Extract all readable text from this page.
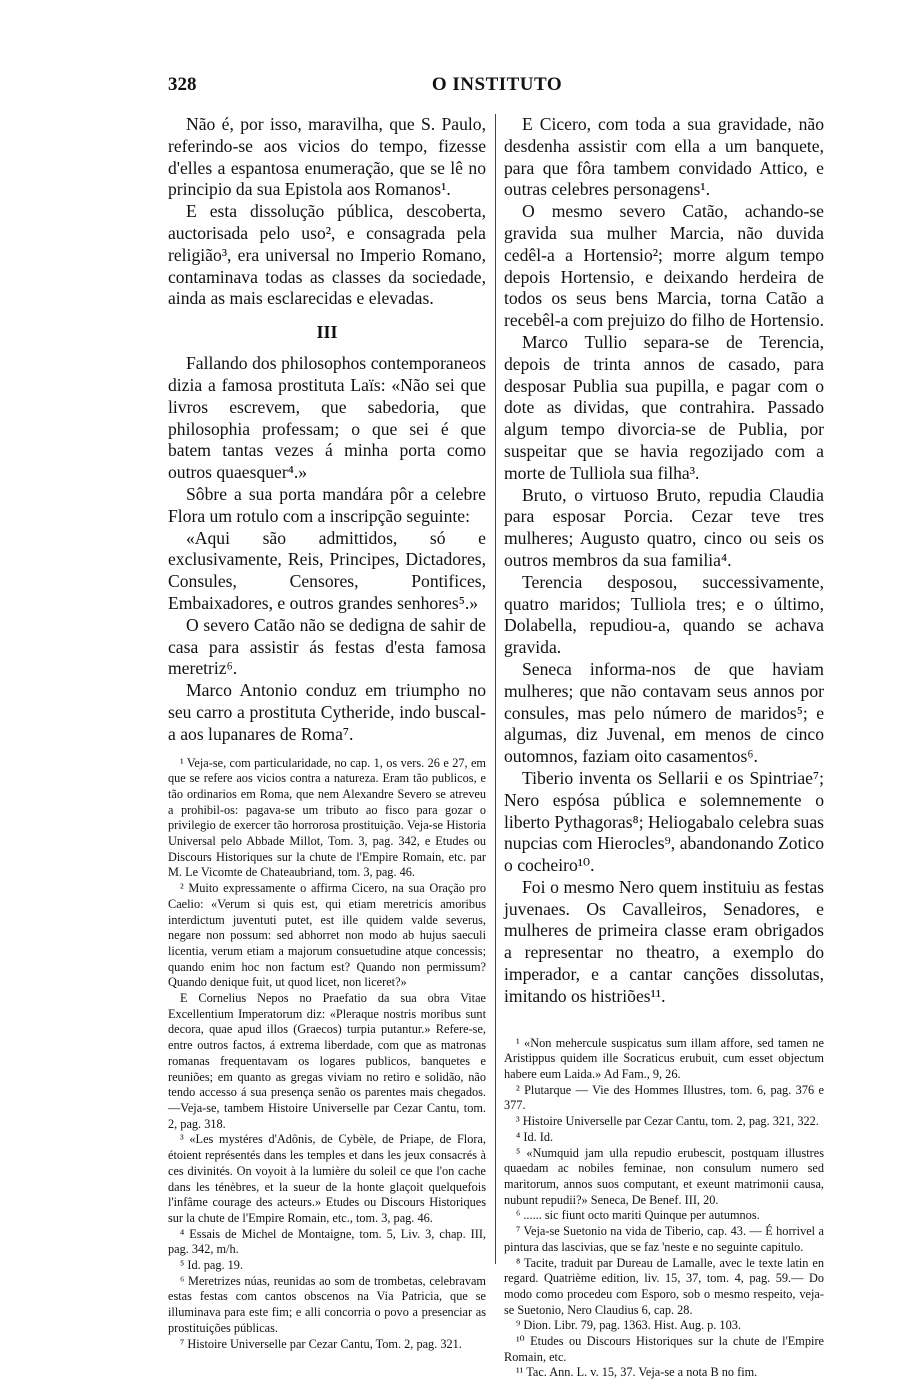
328	O INSTITUTO

Não é, por isso, maravilha, que S. Paulo, referindo-se aos vicios do tempo, fizesse d'elles a espantosa enumeração, que se lê no principio da sua Epistola aos Romanos¹.

E esta dissolução pública, descoberta, auctorisada pelo uso², e consagrada pela religião³, era universal no Imperio Romano, contaminava todas as classes da sociedade, ainda as mais esclarecidas e elevadas.

III

Fallando dos philosophos contemporaneos dizia a famosa prostituta Laïs: «Não sei que livros escrevem, que sabedoria, que philosophia professam; o que sei é que batem tantas vezes á minha porta como outros quaesquer⁴.»

Sôbre a sua porta mandára pôr a celebre Flora um rotulo com a inscripção seguinte:

«Aqui são admittidos, só e exclusivamente, Reis, Principes, Dictadores, Consules, Censores, Pontifices, Embaixadores, e outros grandes senhores⁵.»

O severo Catão não se dedigna de sahir de casa para assistir ás festas d'esta famosa meretriz⁶.

Marco Antonio conduz em triumpho no seu carro a prostituta Cytheride, indo buscal-a aos lupanares de Roma⁷.

¹ Veja-se, com particularidade, no cap. 1, os vers. 26 e 27, em que se refere aos vicios contra a natureza. Eram tão publicos, e tão ordinarios em Roma, que nem Alexandre Severo se atreveu a prohibil-os: pagava-se um tributo ao fisco para gozar o privilegio de exercer tão horrorosa prostituição. Veja-se Historia Universal pelo Abbade Millot, Tom. 3, pag. 342, e Etudes ou Discours Historiques sur la chute de l'Empire Romain, etc. par M. Le Vicomte de Chateaubriand, tom. 3, pag. 46.

² Muito expressamente o affirma Cicero, na sua Oração pro Caelio: «Verum si quis est, qui etiam meretricis amoribus interdictum juventuti putet, est ille quidem valde severus, negare non possum: sed abhorret non modo ab hujus saeculi licentia, verum etiam a majorum consuetudine atque concessis; quando enim hoc non factum est? Quando non permissum? Quando denique fuit, ut quod licet, non liceret?»

E Cornelius Nepos no Praefatio da sua obra Vitae Excellentium Imperatorum diz: «Pleraque nostris moribus sunt decora, quae apud illos (Graecos) turpia putantur.» Refere-se, entre outros factos, á extrema liberdade, com que as matronas romanas frequentavam os logares publicos, banquetes e reuniões; em quanto as gregas viviam no retiro e solidão, não tendo accesso á sua presença senão os parentes mais chegados.—Veja-se, tambem Histoire Universelle par Cezar Cantu, tom. 2, pag. 318.

³ «Les mystéres d'Adônis, de Cybèle, de Priape, de Flora, étoient représentés dans les temples et dans les jeux consacrés à ces divinités. On voyoit à la lumière du soleil ce que l'on cache dans les ténèbres, et la sueur de la honte glaçoit quelquefois l'infâme courage des acteurs.» Etudes ou Discours Historiques sur la chute de l'Empire Romain, etc., tom. 3, pag. 46.

⁴ Essais de Michel de Montaigne, tom. 5, Liv. 3, chap. III, pag. 342, m/h.

⁵ Id. pag. 19.

⁶ Meretrizes núas, reunidas ao som de trombetas, celebravam estas festas com cantos obscenos na Via Patricia, que se illuminava para este fim; e alli concorria o povo a presenciar as prostituições públicas.

⁷ Histoire Universelle par Cezar Cantu, Tom. 2, pag. 321.

E Cicero, com toda a sua gravidade, não desdenha assistir com ella a um banquete, para que fôra tambem convidado Attico, e outras celebres personagens¹.

O mesmo severo Catão, achando-se gravida sua mulher Marcia, não duvida cedêl-a a Hortensio²; morre algum tempo depois Hortensio, e deixando herdeira de todos os seus bens Marcia, torna Catão a recebêl-a com prejuizo do filho de Hortensio.

Marco Tullio separa-se de Terencia, depois de trinta annos de casado, para desposar Publia sua pupilla, e pagar com o dote as dividas, que contrahira. Passado algum tempo divorcia-se de Publia, por suspeitar que se havia regozijado com a morte de Tulliola sua filha³.

Bruto, o virtuoso Bruto, repudia Claudia para esposar Porcia. Cezar teve tres mulheres; Augusto quatro, cinco ou seis os outros membros da sua familia⁴.

Terencia desposou, successivamente, quatro maridos; Tulliola tres; e o último, Dolabella, repudiou-a, quando se achava gravida.

Seneca informa-nos de que haviam mulheres; que não contavam seus annos por consules, mas pelo número de maridos⁵; e algumas, diz Juvenal, em menos de cinco outomnos, faziam oito casamentos⁶.

Tiberio inventa os Sellarii e os Spintriae⁷; Nero espósa pública e solemnemente o liberto Pythagoras⁸; Heliogabalo celebra suas nupcias com Hierocles⁹, abandonando Zotico o cocheiro¹⁰.

Foi o mesmo Nero quem instituiu as festas juvenaes. Os Cavalleiros, Senadores, e mulheres de primeira classe eram obrigados a representar no theatro, a exemplo do imperador, e a cantar canções dissolutas, imitando os histriões¹¹.

¹ «Non mehercule suspicatus sum illam affore, sed tamen ne Aristippus quidem ille Socraticus erubuit, cum esset objectum habere eum Laida.» Ad Fam., 9, 26.

² Plutarque — Vie des Hommes Illustres, tom. 6, pag. 376 e 377.

³ Histoire Universelle par Cezar Cantu, tom. 2, pag. 321, 322.

⁴ Id. Id.

⁵ «Numquid jam ulla repudio erubescit, postquam illustres quaedam ac nobiles feminae, non consulum numero sed maritorum, annos suos computant, et exeunt matrimonii causa, nubunt repudii?» Seneca, De Benef. III, 20.

⁶ ...... sic fiunt octo mariti Quinque per autumnos.

⁷ Veja-se Suetonio na vida de Tiberio, cap. 43. — É horrivel a pintura das lascivias, que se faz 'neste e no seguinte capitulo.

⁸ Tacite, traduit par Dureau de Lamalle, avec le texte latin en regard. Quatrième edition, liv. 15, 37, tom. 4, pag. 59.— Do modo como procedeu com Esporo, sob o mesmo respeito, veja-se Suetonio, Nero Claudius 6, cap. 28.

⁹ Dion. Libr. 79, pag. 1363. Hist. Aug. p. 103.

¹⁰ Etudes ou Discours Historiques sur la chute de l'Empire Romain, etc.

¹¹ Tac. Ann. L. v. 15, 37. Veja-se a nota B no fim.
